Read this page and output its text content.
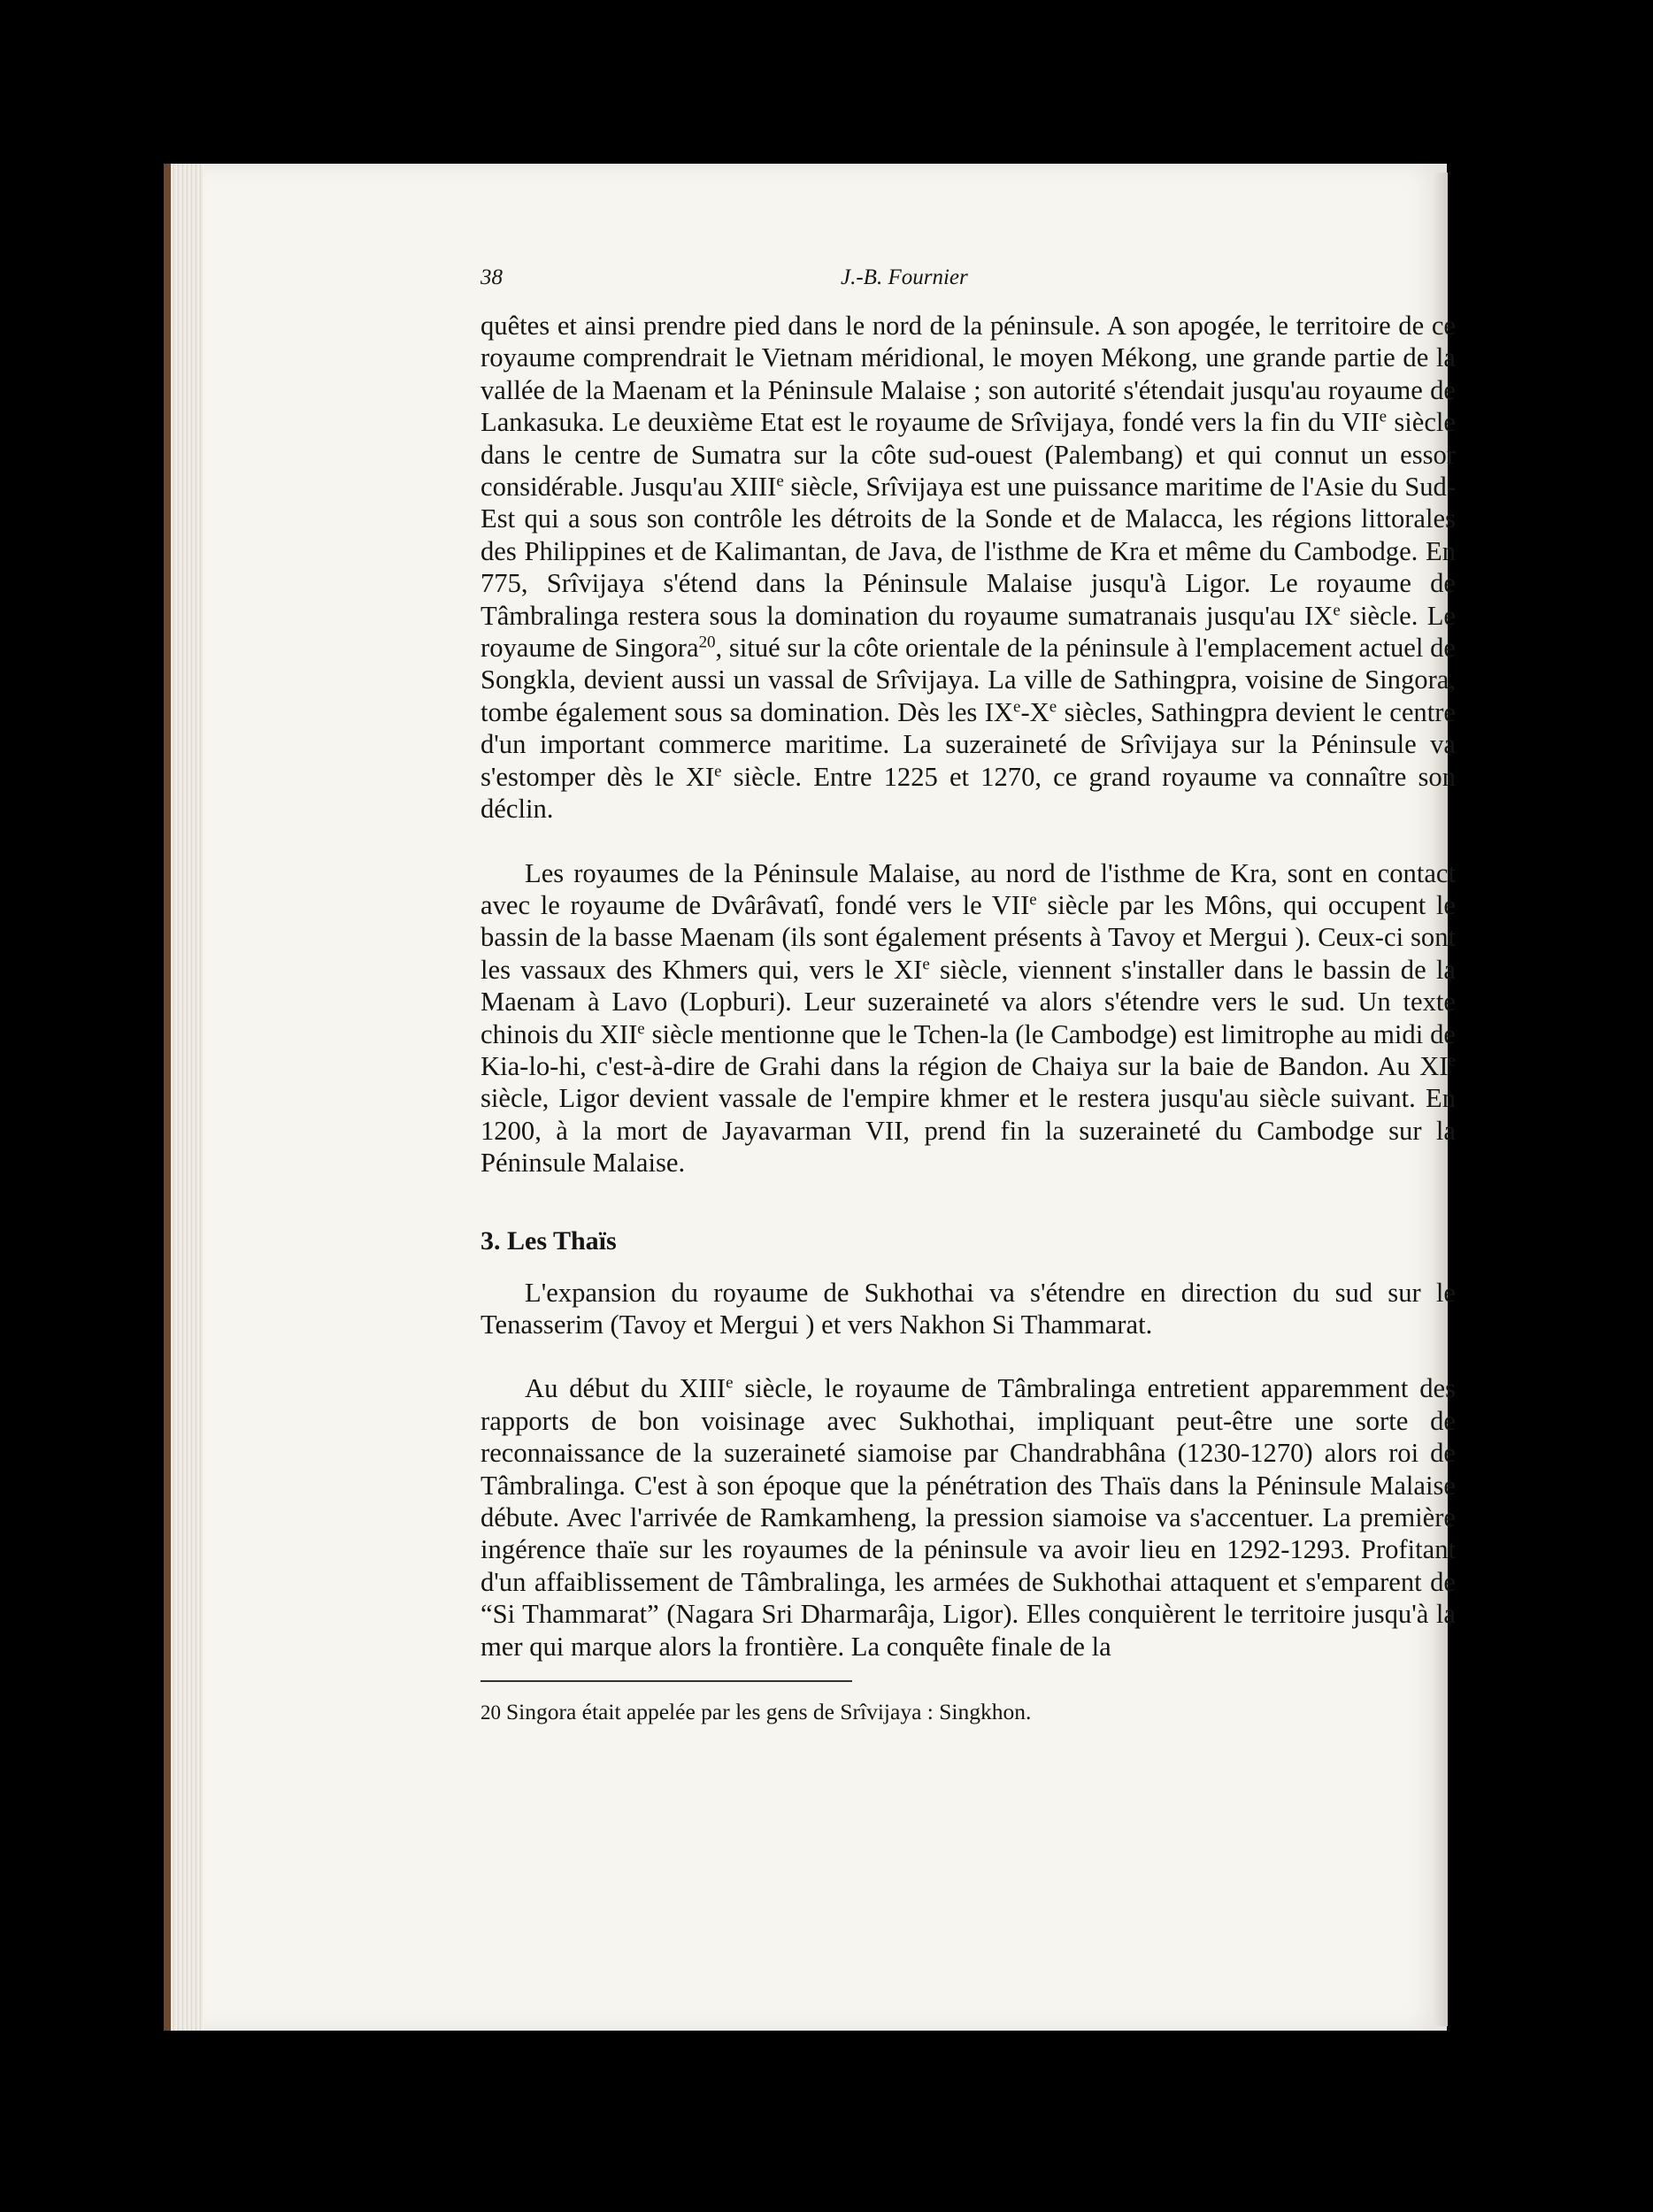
38	J.-B. Fournier

quêtes et ainsi prendre pied dans le nord de la péninsule. A son apogée, le territoire de ce royaume comprendrait le Vietnam méridional, le moyen Mékong, une grande partie de la vallée de la Maenam et la Péninsule Malaise ; son autorité s'étendait jusqu'au royaume de Lankasuka. Le deuxième Etat est le royaume de Srîvijaya, fondé vers la fin du VIIe siècle dans le centre de Sumatra sur la côte sud-ouest (Palembang) et qui connut un essor considérable. Jusqu'au XIIIe siècle, Srîvijaya est une puissance maritime de l'Asie du Sud-Est qui a sous son contrôle les détroits de la Sonde et de Malacca, les régions littorales des Philippines et de Kalimantan, de Java, de l'isthme de Kra et même du Cambodge. En 775, Srîvijaya s'étend dans la Péninsule Malaise jusqu'à Ligor. Le royaume de Tâmbralinga restera sous la domination du royaume sumatranais jusqu'au IXe siècle. Le royaume de Singora$^{20}$, situé sur la côte orientale de la péninsule à l'emplacement actuel de Songkla, devient aussi un vassal de Srîvijaya. La ville de Sathingpra, voisine de Singora, tombe également sous sa domination. Dès les IXe-Xe siècles, Sathingpra devient le centre d'un important commerce maritime. La suzeraineté de Srîvijaya sur la Péninsule va s'estomper dès le XIe siècle. Entre 1225 et 1270, ce grand royaume va connaître son déclin.

Les royaumes de la Péninsule Malaise, au nord de l'isthme de Kra, sont en contact avec le royaume de Dvârâvatî, fondé vers le VIIe siècle par les Môns, qui occupent le bassin de la basse Maenam (ils sont également présents à Tavoy et Mergui ). Ceux-ci sont les vassaux des Khmers qui, vers le XIe siècle, viennent s'installer dans le bassin de la Maenam à Lavo (Lopburi). Leur suzeraineté va alors s'étendre vers le sud. Un texte chinois du XIIe siècle mentionne que le Tchen-la (le Cambodge) est limitrophe au midi de Kia-lo-hi, c'est-à-dire de Grahi dans la région de Chaiya sur la baie de Bandon. Au XIe siècle, Ligor devient vassale de l'empire khmer et le restera jusqu'au siècle suivant. En 1200, à la mort de Jayavarman VII, prend fin la suzeraineté du Cambodge sur la Péninsule Malaise.

3. Les Thaïs

L'expansion du royaume de Sukhothai va s'étendre en direction du sud sur le Tenasserim (Tavoy et Mergui ) et vers Nakhon Si Thammarat.

Au début du XIIIe siècle, le royaume de Tâmbralinga entretient apparemment des rapports de bon voisinage avec Sukhothai, impliquant peut-être une sorte de reconnaissance de la suzeraineté siamoise par Chandrabhâna (1230-1270) alors roi de Tâmbralinga. C'est à son époque que la pénétration des Thaïs dans la Péninsule Malaise débute. Avec l'arrivée de Ramkamheng, la pression siamoise va s'accentuer. La première ingérence thaïe sur les royaumes de la péninsule va avoir lieu en 1292-1293. Profitant d'un affaiblissement de Tâmbralinga, les armées de Sukhothai attaquent et s'emparent de “Si Thammarat” (Nagara Sri Dharmarâja, Ligor). Elles conquièrent le territoire jusqu'à la mer qui marque alors la frontière. La conquête finale de la

20 Singora était appelée par les gens de Srîvijaya : Singkhon.
